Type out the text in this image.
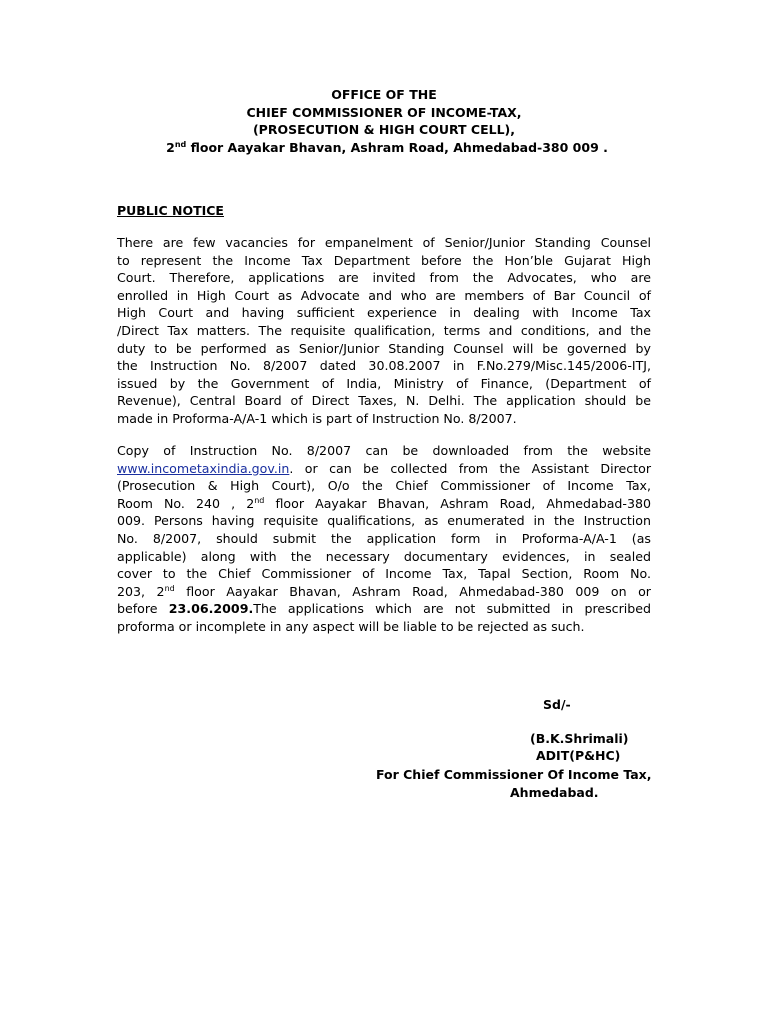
OFFICE OF THE
CHIEF COMMISSIONER OF INCOME-TAX,
(PROSECUTION & HIGH COURT CELL),
2nd floor Aayakar Bhavan, Ashram Road, Ahmedabad-380 009 .
PUBLIC NOTICE
There are few vacancies for empanelment of Senior/Junior Standing Counsel
to represent the Income Tax Department before the Hon’ble Gujarat High
Court. Therefore, applications are invited from the Advocates, who are
enrolled in High Court as Advocate and who are members of Bar Council of
High Court and having sufficient experience in dealing with Income Tax
/Direct Tax matters. The requisite qualification, terms and conditions, and the
duty to be performed as Senior/Junior Standing Counsel will be governed by
the Instruction No. 8/2007 dated 30.08.2007 in F.No.279/Misc.145/2006-ITJ,
issued by the Government of India, Ministry of Finance, (Department of
Revenue), Central Board of Direct Taxes, N. Delhi. The application should be
made in Proforma-A/A-1 which is part of Instruction No. 8/2007.
Copy of Instruction No. 8/2007 can be downloaded from the website
www.incometaxindia.gov.in. or can be collected from the Assistant Director
(Prosecution & High Court), O/o the Chief Commissioner of Income Tax,
Room No. 240 , 2nd floor Aayakar Bhavan, Ashram Road, Ahmedabad-380
009. Persons having requisite qualifications, as enumerated in the Instruction
No. 8/2007, should submit the application form in Proforma-A/A-1 (as
applicable) along with the necessary documentary evidences, in sealed
cover to the Chief Commissioner of Income Tax, Tapal Section, Room No.
203, 2nd floor Aayakar Bhavan, Ashram Road, Ahmedabad-380 009 on or
before 23.06.2009.The applications which are not submitted in prescribed
proforma or incomplete in any aspect will be liable to be rejected as such.
Sd/-
(B.K.Shrimali)
ADIT(P&HC)
For Chief Commissioner Of Income Tax,
Ahmedabad.
